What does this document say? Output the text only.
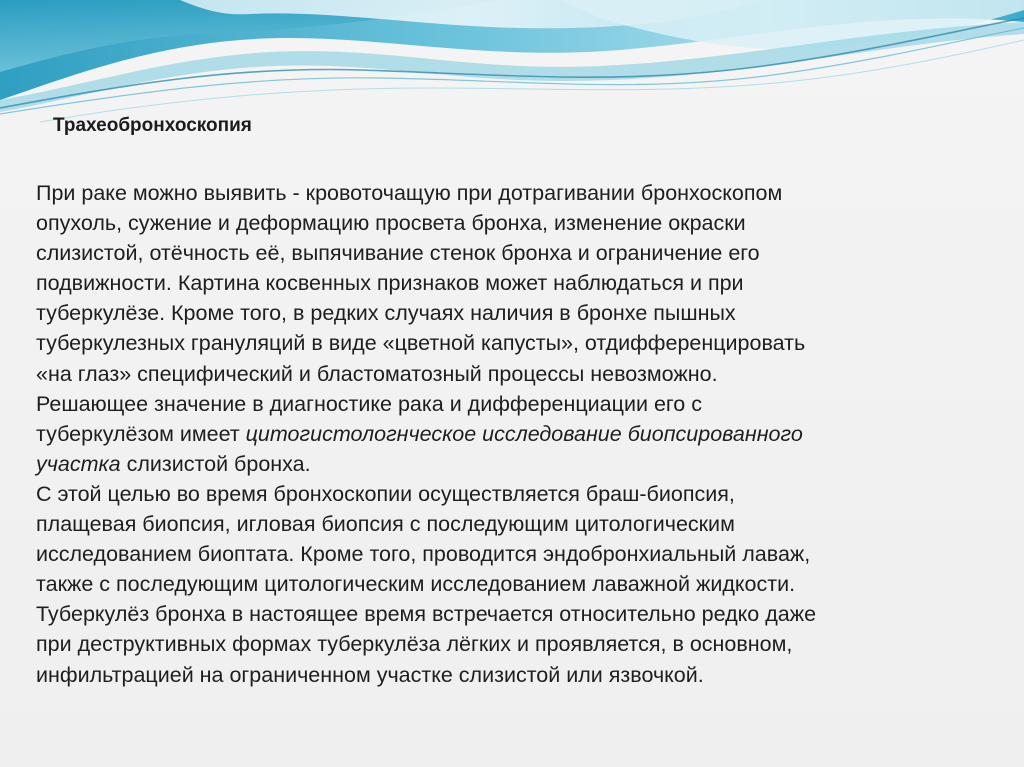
Трахеобронхоскопия

При раке можно выявить - кровоточащую при дотрагивании бронхоскопом
опухоль, сужение и деформацию просвета бронха, изменение окраски
слизистой, отёчность её, выпячивание стенок бронха и ограничение его
подвижности. Картина косвенных признаков может наблюдаться и при
туберкулёзе. Кроме того, в редких случаях наличия в бронхе пышных
туберкулезных грануляций в виде «цветной капусты», отдифференцировать
«на глаз» специфический и бластоматозный процессы невозможно.
Решающее значение в диагностике рака и дифференциации его с
туберкулёзом имеет цитогистологнческое исследование биопсированного
участка слизистой бронха.
С этой целью во время бронхоскопии осуществляется браш-биопсия,
плащевая биопсия, игловая биопсия с последующим цитологическим
исследованием биоптата. Кроме того, проводится эндобронхиальный лаваж,
также с последующим цитологическим исследованием лаважной жидкости.
Туберкулёз бронха в настоящее время встречается относительно редко даже
при деструктивных формах туберкулёза лёгких и проявляется, в основном,
инфильтрацией на ограниченном участке слизистой или язвочкой.
